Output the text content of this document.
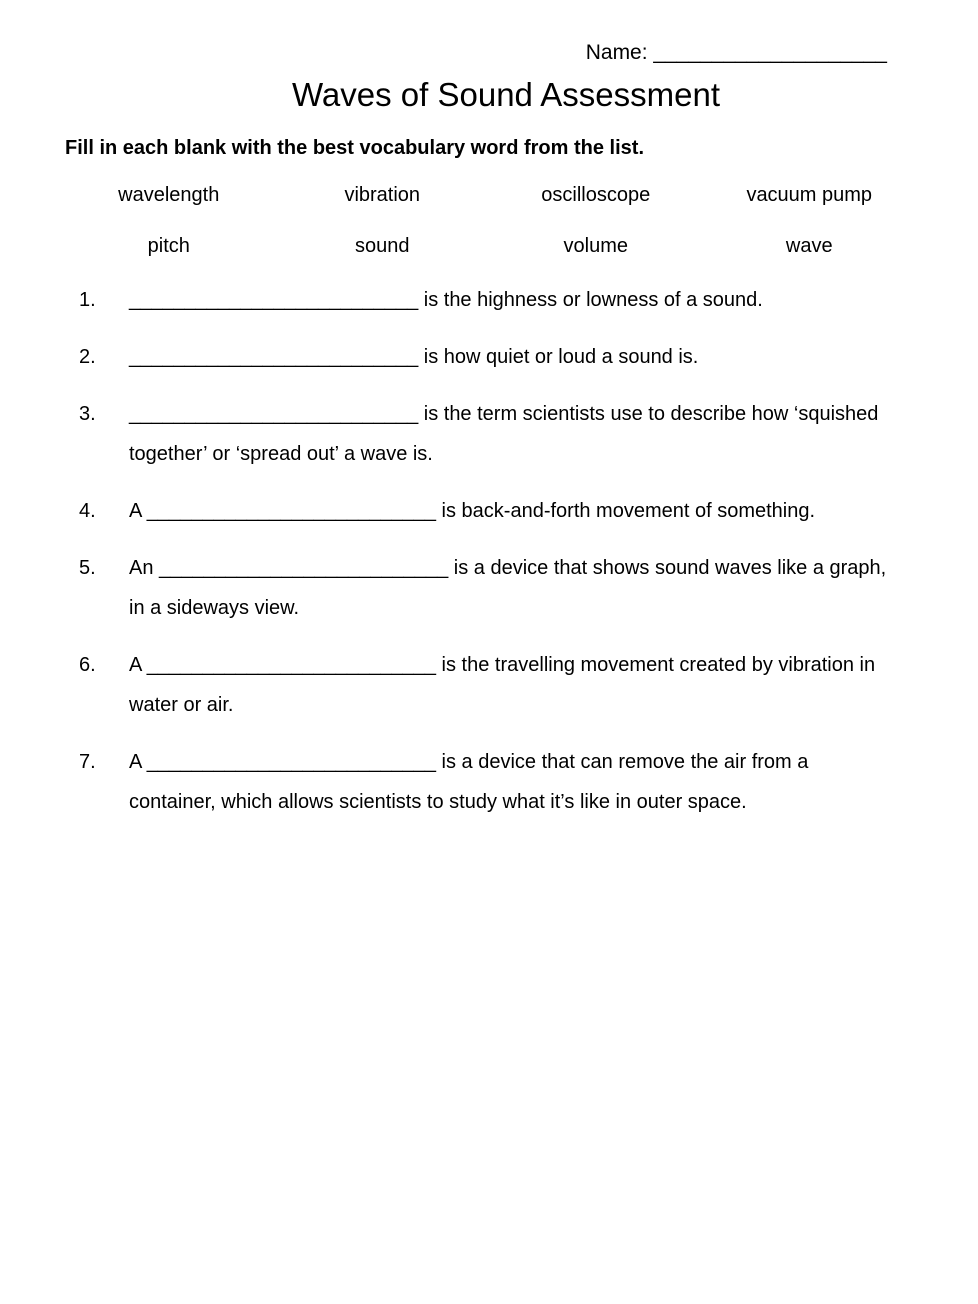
Name: ____________________
Waves of Sound Assessment
Fill in each blank with the best vocabulary word from the list.
wavelength	vibration	oscilloscope	vacuum pump
pitch	sound	volume	wave
1. __________________________ is the highness or lowness of a sound.
2. __________________________ is how quiet or loud a sound is.
3. __________________________ is the term scientists use to describe how ‘squished together’ or ‘spread out’ a wave is.
4. A __________________________ is back-and-forth movement of something.
5. An __________________________ is a device that shows sound waves like a graph, in a sideways view.
6. A __________________________ is the travelling movement created by vibration in water or air.
7. A __________________________ is a device that can remove the air from a container, which allows scientists to study what it’s like in outer space.
